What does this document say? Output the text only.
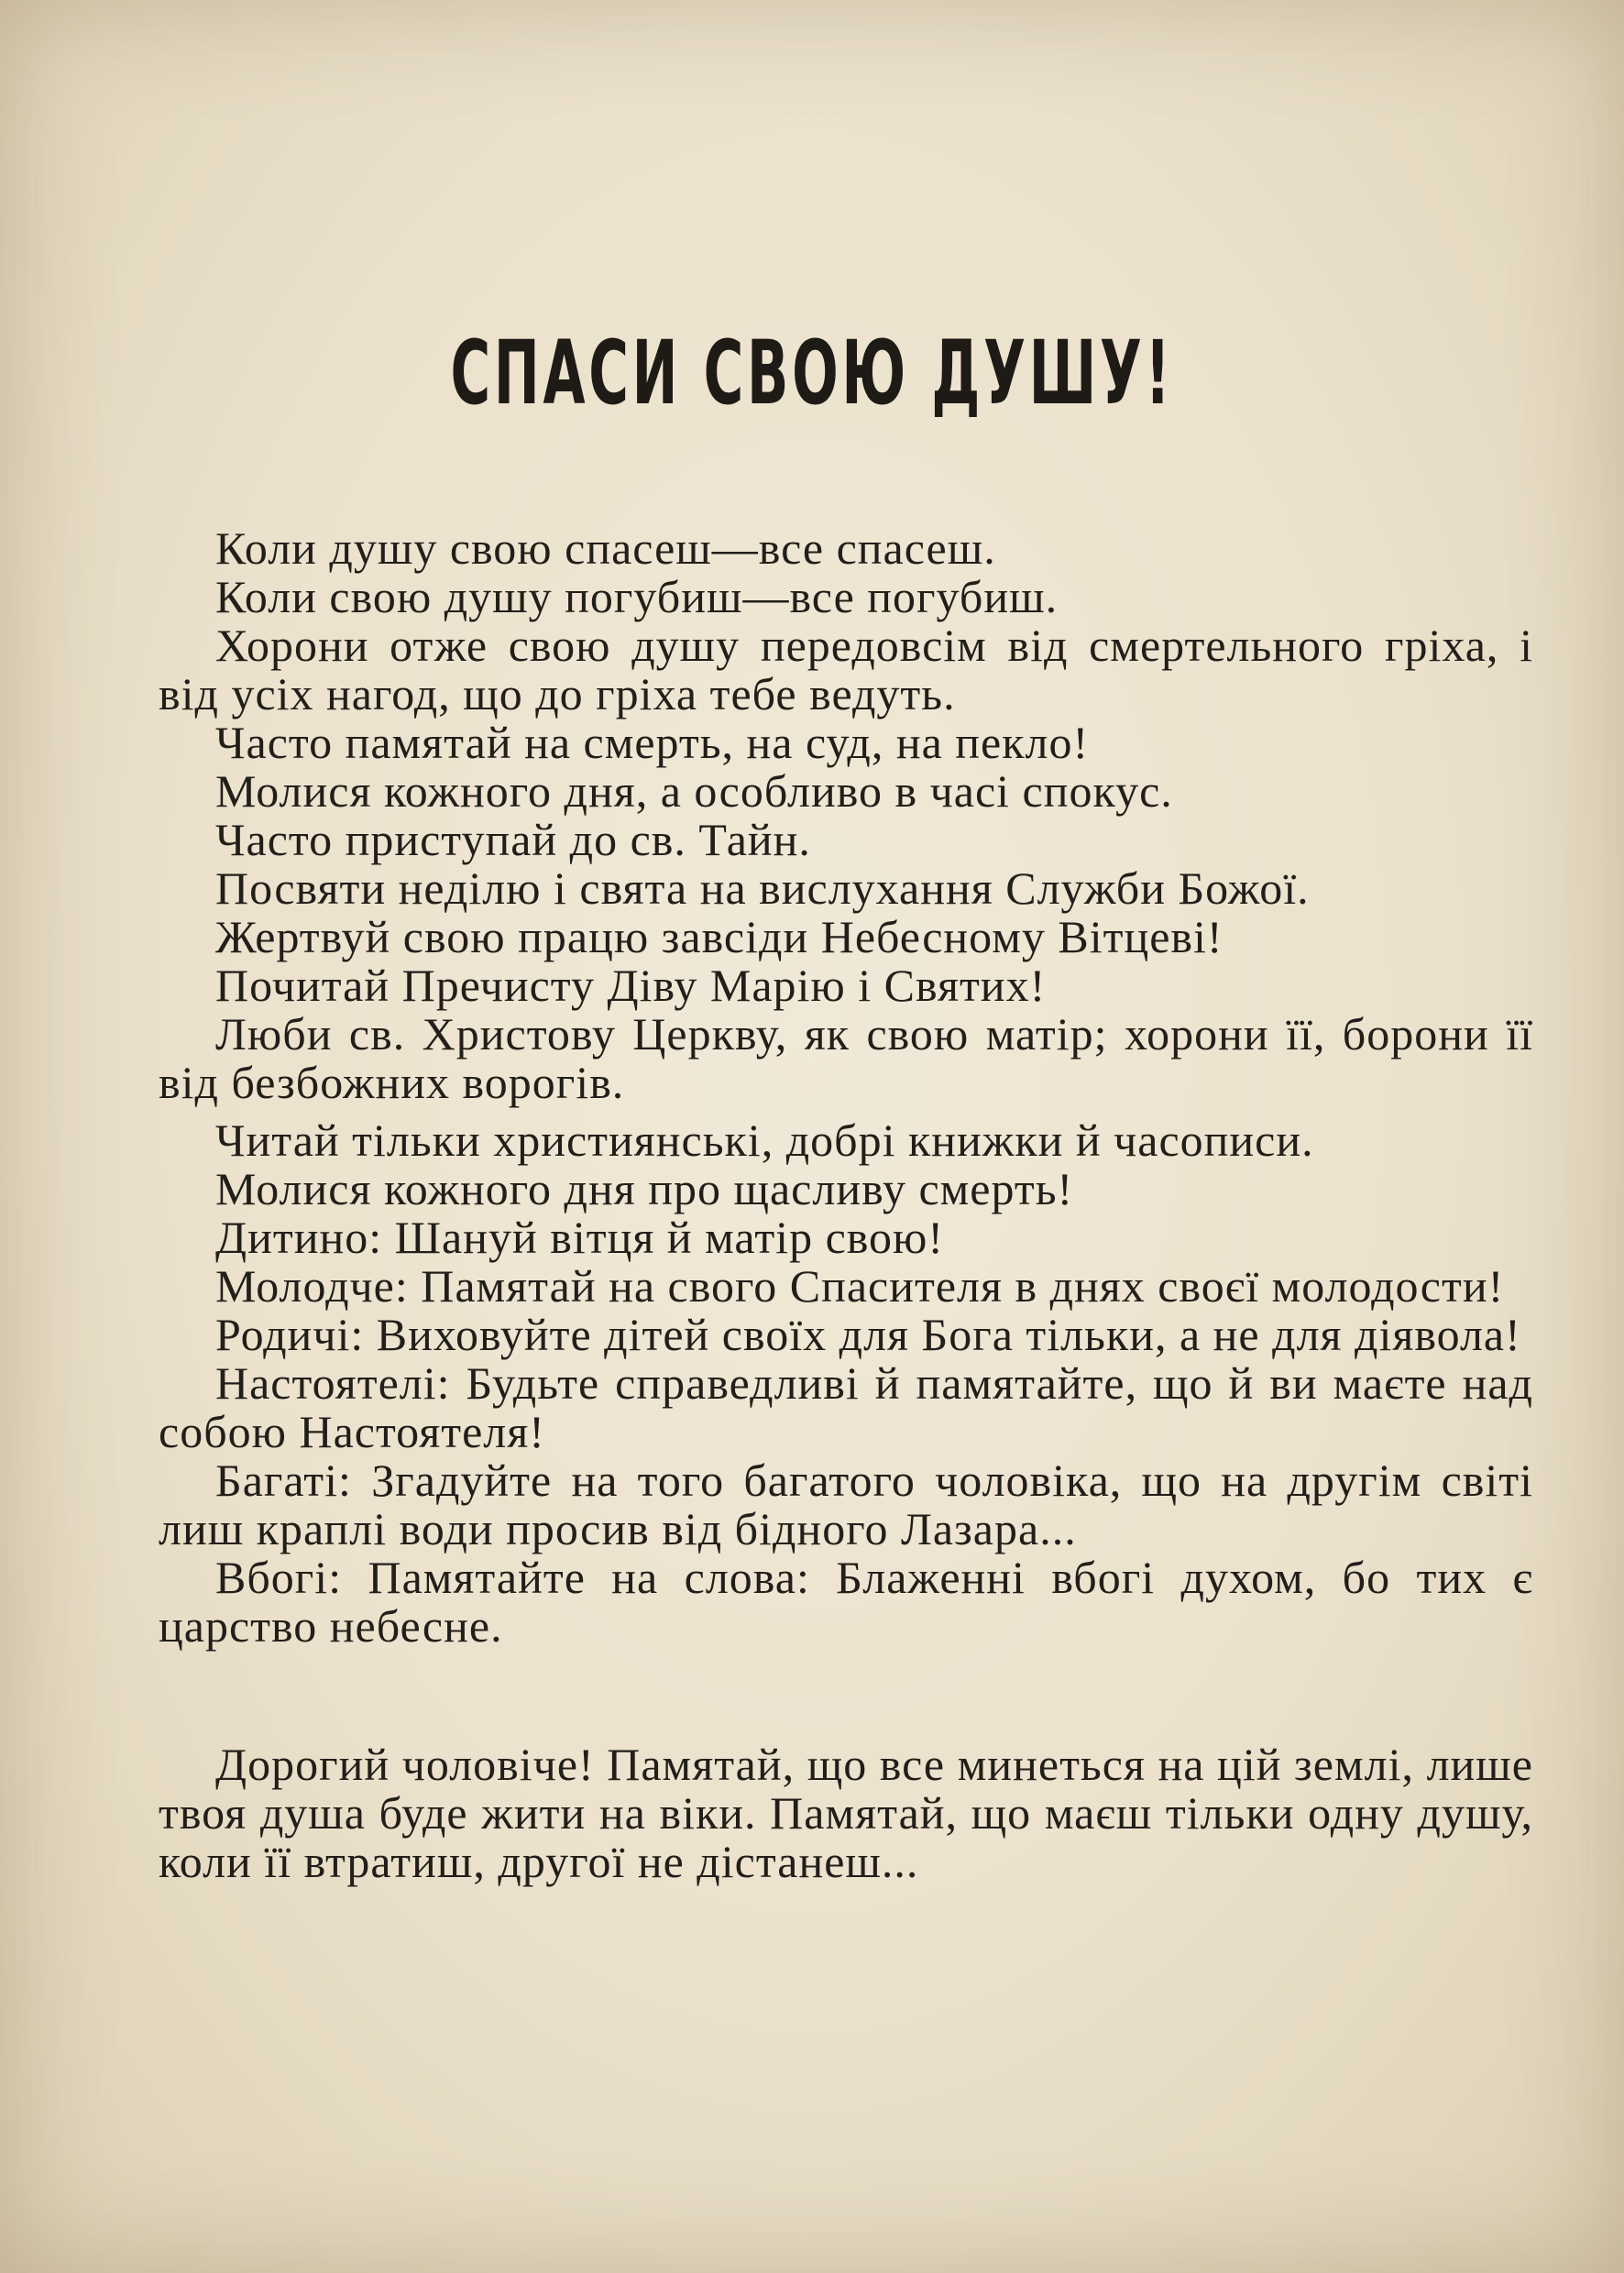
СПАСИ СВОЮ ДУШУ!

Коли душу свою спасеш—все спасеш.

Коли свою душу погубиш—все погубиш.

Хорони отже свою душу передовсім від смертельного гріха, і від усіх нагод, що до гріха тебе ведуть.

Часто памятай на смерть, на суд, на пекло!

Молися кожного дня, а особливо в часі спокус.

Часто приступай до св. Тайн.

Посвяти неділю і свята на вислухання Служби Божої.

Жертвуй свою працю завсіди Небесному Вітцеві!

Почитай Пречисту Діву Марію і Святих!

Люби св. Христову Церкву, як свою матір; хорони її, борони її від безбожних ворогів.

Читай тільки християнські, добрі книжки й часописи.

Молися кожного дня про щасливу смерть!

Дитино: Шануй вітця й матір свою!

Молодче: Памятай на свого Спасителя в днях своєї молодости!

Родичі: Виховуйте дітей своїх для Бога тільки, а не для діявола!

Настоятелі: Будьте справедливі й памятайте, що й ви маєте над собою Настоятеля!

Багаті: Згадуйте на того багатого чоловіка, що на другім світі лиш краплі води просив від бідного Лазара...

Вбогі: Памятайте на слова: Блаженні вбогі духом, бо тих є царство небесне.

Дорогий чоловіче! Памятай, що все минеться на цій землі, лише твоя душа буде жити на віки. Памятай, що маєш тільки одну душу, коли її втратиш, другої не дістанеш...
